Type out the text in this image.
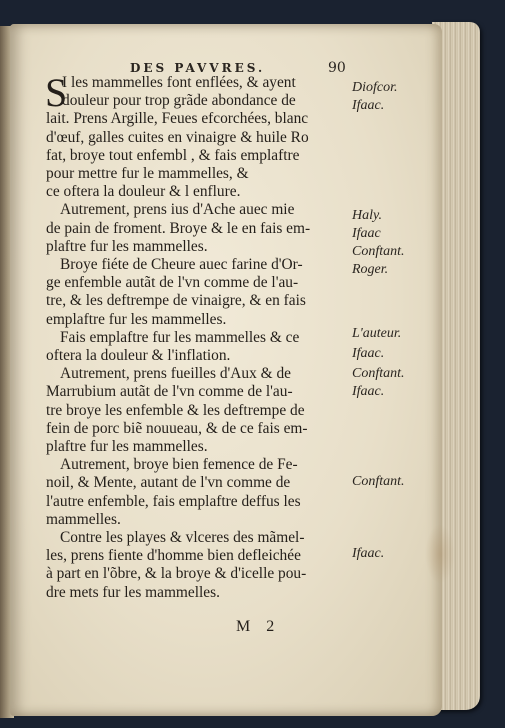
DES PAVVRES.	90
S
I les mammelles font enflées, & ayent
douleur pour trop grãde abondance de
lait. Prens Argille, Feues efcorchées, blanc
d'œuf, galles cuites en vinaigre & huile Ro
fat, broye tout enfembl , & fais emplaftre
pour mettre fur le mammelles, &
ce oftera la douleur & l enflure.
Autrement, prens ius d'Ache auec mie
de pain de froment. Broye & le en fais em-
plaftre fur les mammelles.
Broye fiéte de Cheure auec farine d'Or-
ge enfemble autãt de l'vn comme de l'au-
tre, & les deftrempe de vinaigre, & en fais
emplaftre fur les mammelles.
Fais emplaftre fur les mammelles & ce
oftera la douleur & l'inflation.
Autrement, prens fueilles d'Aux & de
Marrubium autãt de l'vn comme de l'au-
tre broye les enfemble & les deftrempe de
fein de porc biẽ nouueau, & de ce fais em-
plaftre fur les mammelles.
Autrement, broye bien femence de Fe-
noil, & Mente, autant de l'vn comme de
l'autre enfemble, fais emplaftre deffus les
mammelles.
Contre les playes & vlceres des mãmel-
les, prens fiente d'homme bien defleichée
à part en l'õbre, & la broye & d'icelle pou-
dre mets fur les mammelles.
Diofcor.
Ifaac.
Haly.
Ifaac
Conftant.
Roger.
L'auteur.
Ifaac.
Conftant.
Ifaac.
Conftant.
Ifaac.
M 2
